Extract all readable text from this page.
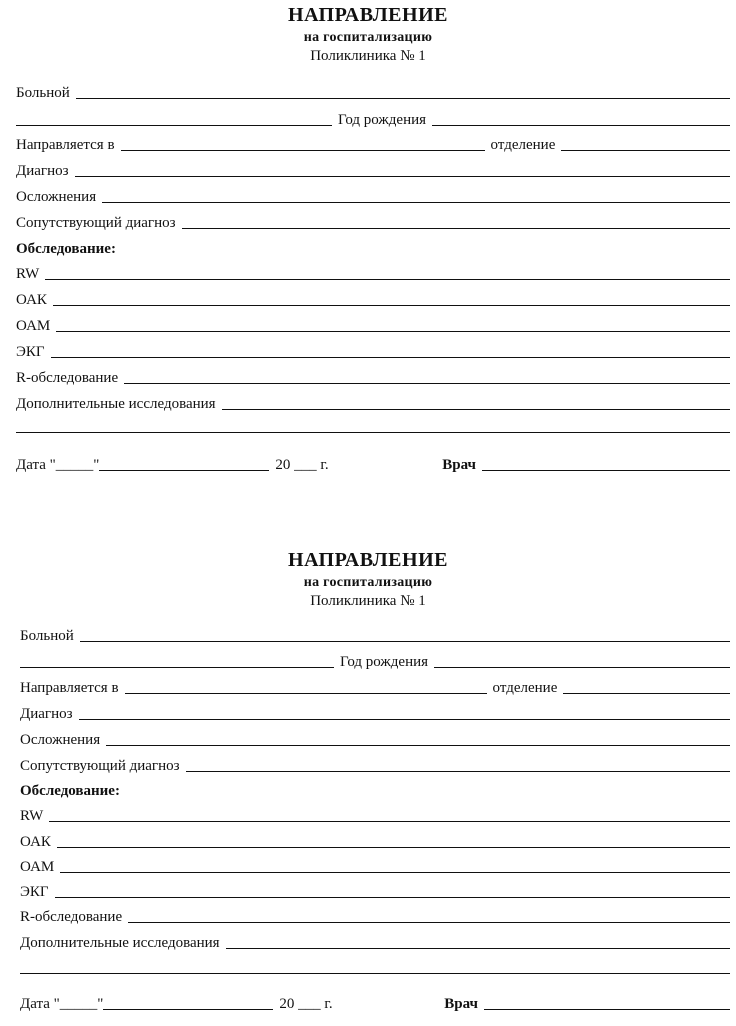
НАПРАВЛЕНИЕ
на госпитализацию
Поликлиника № 1
Больной
Год рождения
Направляется в	отделение
Диагноз
Осложнения
Сопутствующий диагноз
Обследование:
RW
ОАК
ОАМ
ЭКГ
R-обследование
Дополнительные исследования
Дата "_____"	20 ___ г.	Врач
НАПРАВЛЕНИЕ
на госпитализацию
Поликлиника № 1
Больной
Год рождения
Направляется в	отделение
Диагноз
Осложнения
Сопутствующий диагноз
Обследование:
RW
ОАК
ОАМ
ЭКГ
R-обследование
Дополнительные исследования
Дата "_____"	20 ___ г.	Врач
